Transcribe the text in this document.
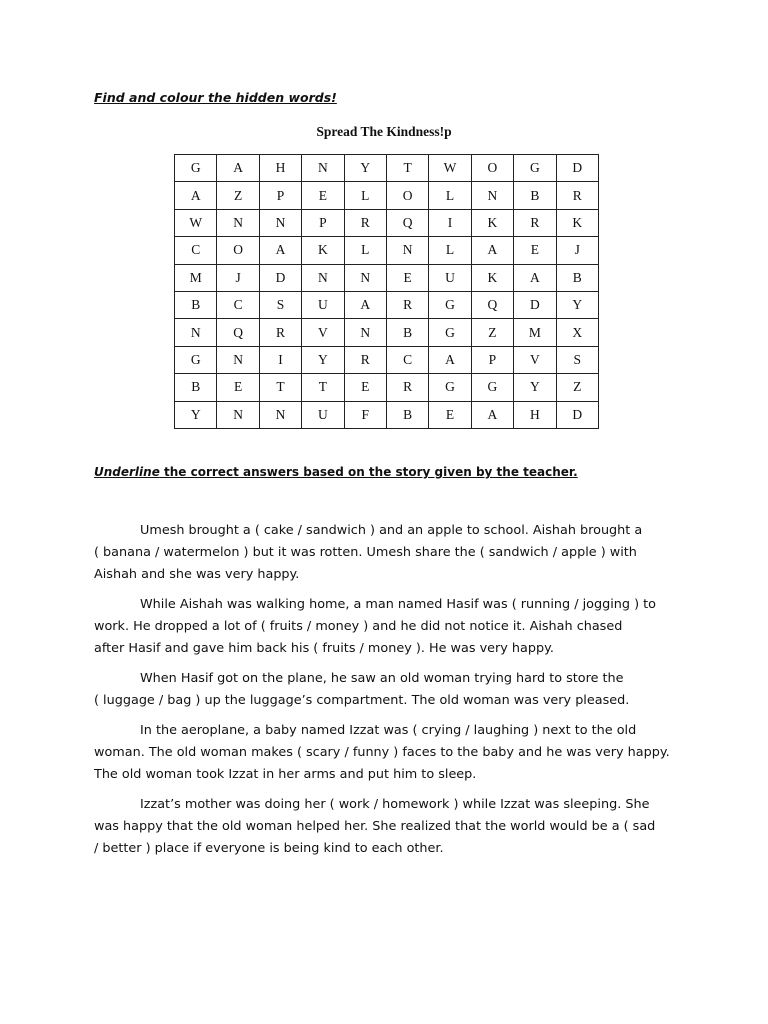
Find and colour the hidden words!
Spread The Kindness!p
G	A	H	N	Y	T	W	O	G	D
A	Z	P	E	L	O	L	N	B	R
W	N	N	P	R	Q	I	K	R	K
C	O	A	K	L	N	L	A	E	J
M	J	D	N	N	E	U	K	A	B
B	C	S	U	A	R	G	Q	D	Y
N	Q	R	V	N	B	G	Z	M	X
G	N	I	Y	R	C	A	P	V	S
B	E	T	T	E	R	G	G	Y	Z
Y	N	N	U	F	B	E	A	H	D
Underline the correct answers based on the story given by the teacher.

Umesh brought a ( cake / sandwich ) and an apple to school. Aishah brought a
( banana / watermelon ) but it was rotten. Umesh share the ( sandwich / apple ) with
Aishah and she was very happy.

While Aishah was walking home, a man named Hasif was ( running / jogging ) to
work. He dropped a lot of ( fruits / money ) and he did not notice it. Aishah chased
after Hasif and gave him back his ( fruits / money ). He was very happy.

When Hasif got on the plane, he saw an old woman trying hard to store the
( luggage / bag ) up the luggage’s compartment. The old woman was very pleased.

In the aeroplane, a baby named Izzat was ( crying / laughing ) next to the old
woman. The old woman makes ( scary / funny ) faces to the baby and he was very happy.
The old woman took Izzat in her arms and put him to sleep.

Izzat’s mother was doing her ( work / homework ) while Izzat was sleeping. She
was happy that the old woman helped her. She realized that the world would be a ( sad
/ better ) place if everyone is being kind to each other.
